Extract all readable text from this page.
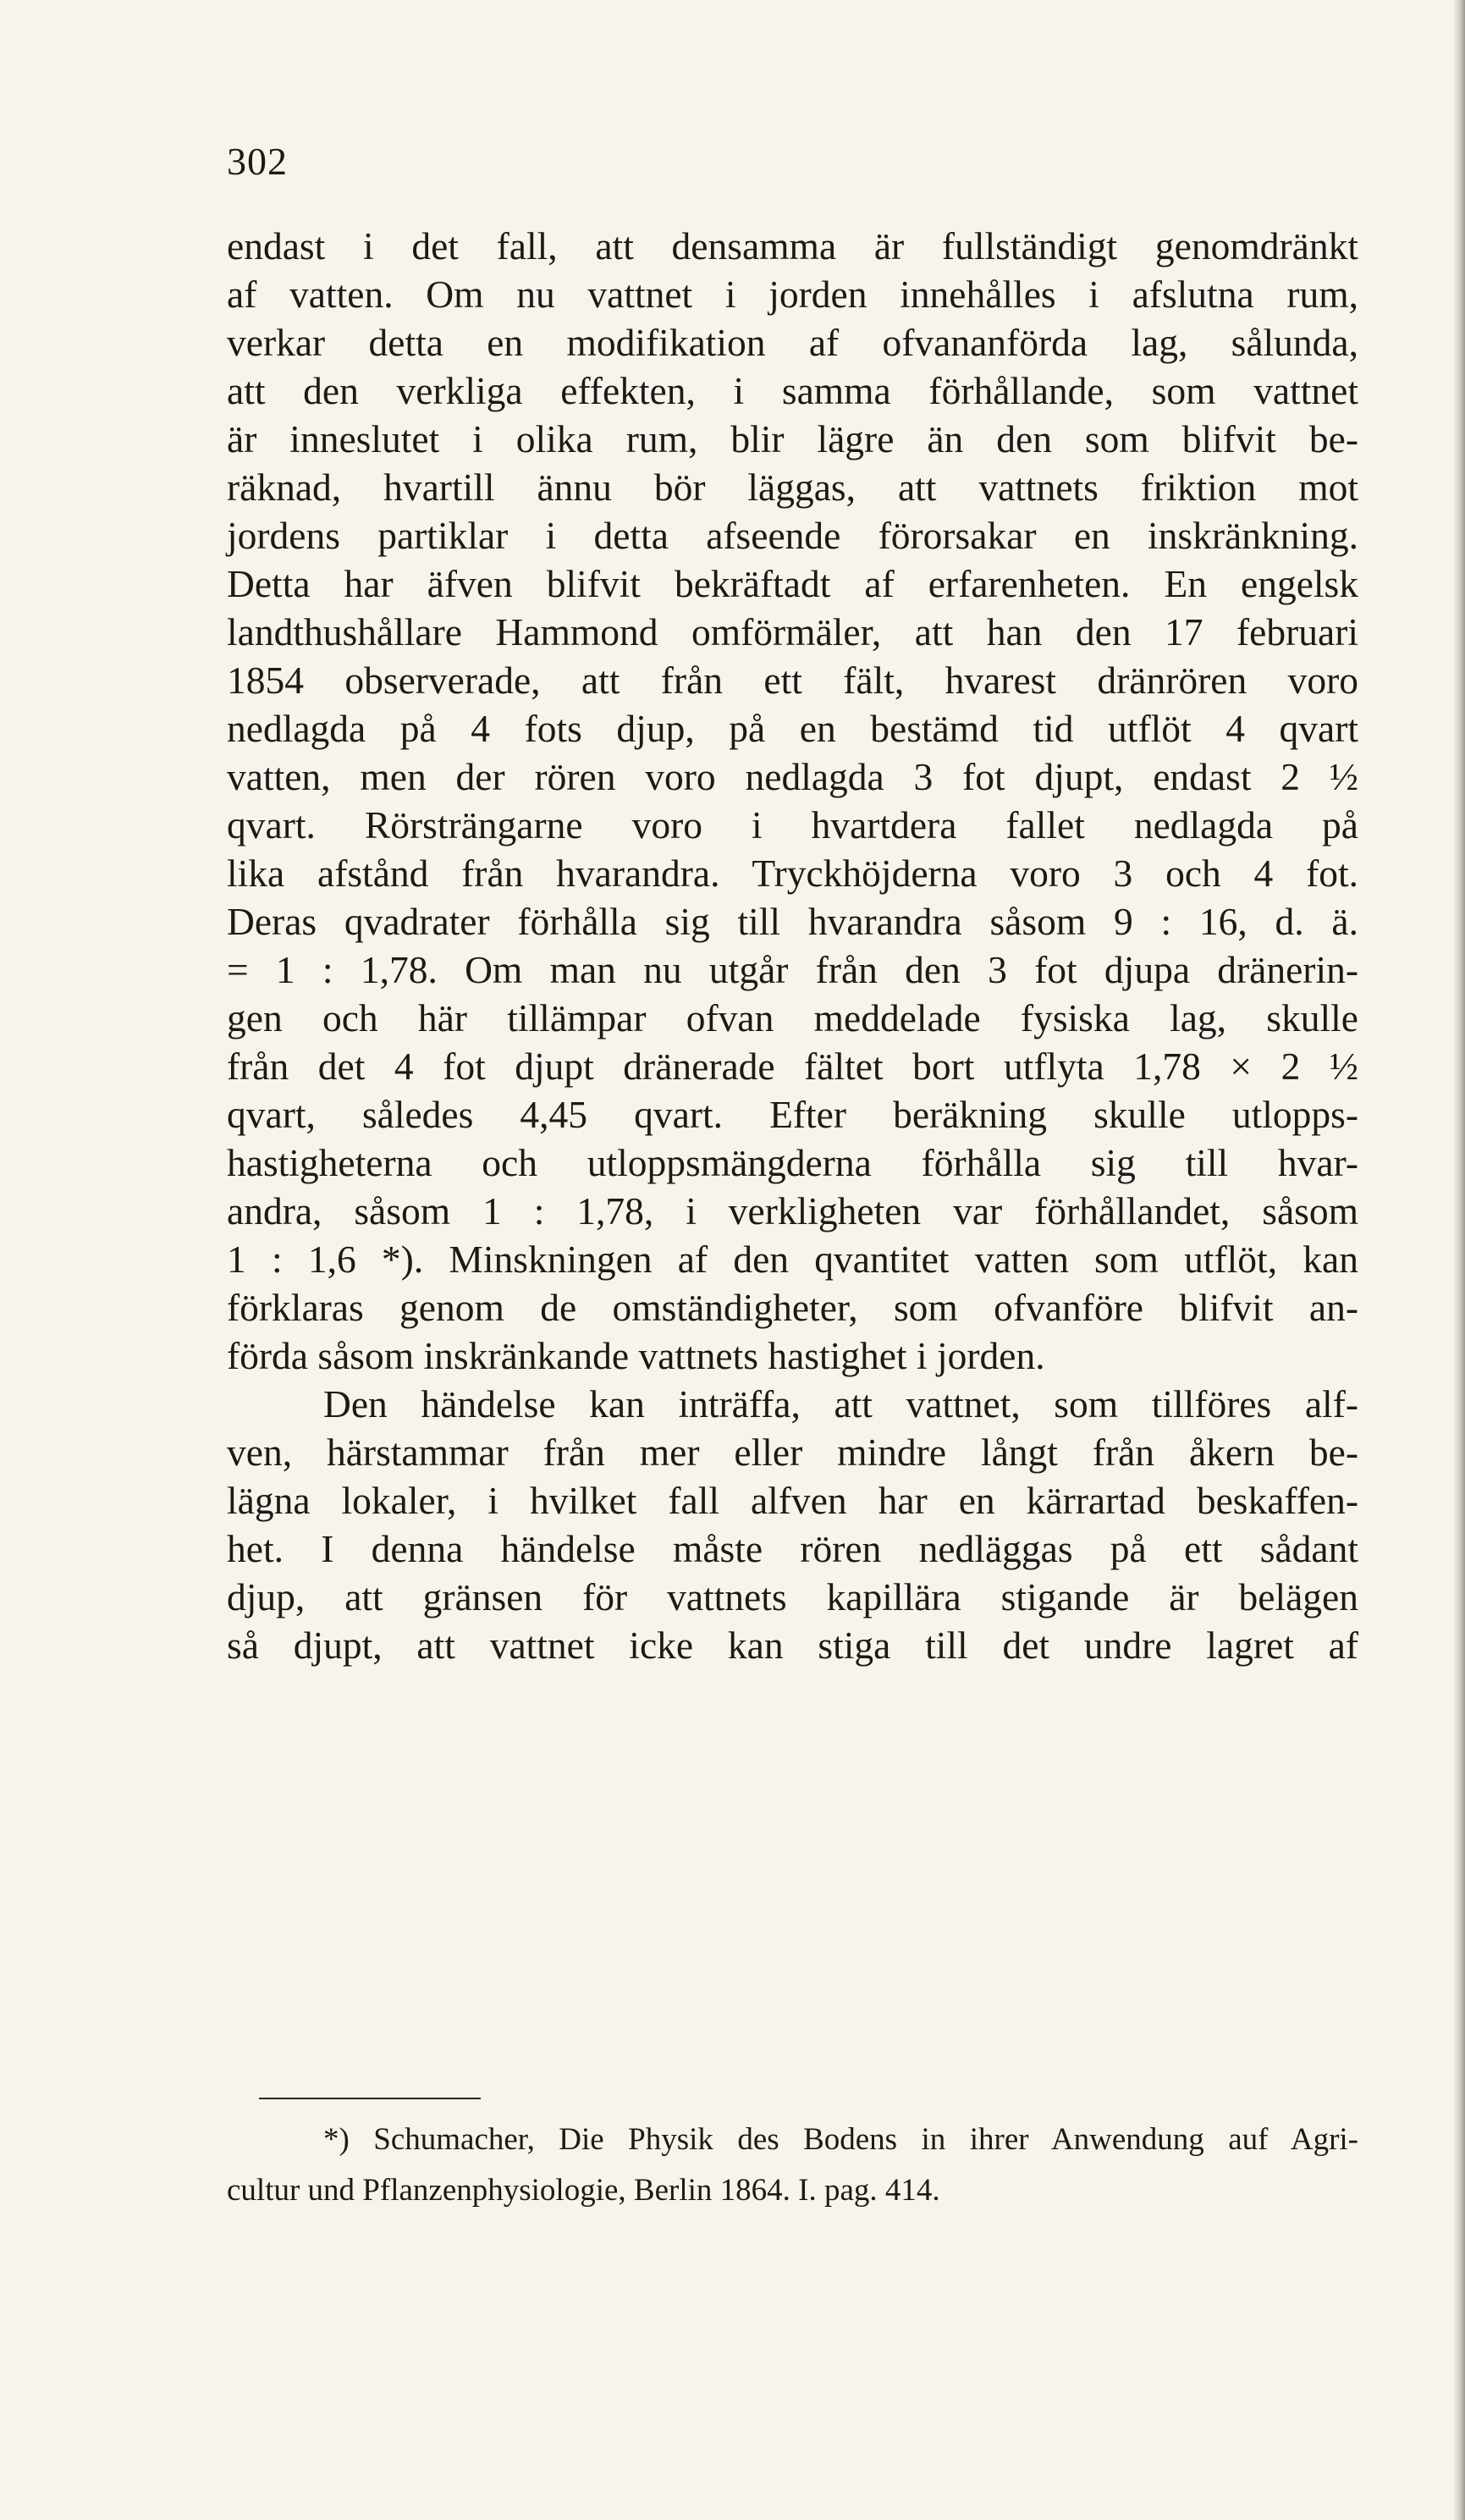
302
endast i det fall, att densamma är fullständigt genomdränkt
af vatten. Om nu vattnet i jorden innehålles i afslutna rum,
verkar detta en modifikation af ofvananförda lag, sålunda,
att den verkliga effekten, i samma förhållande, som vattnet
är inneslutet i olika rum, blir lägre än den som blifvit be-
räknad, hvartill ännu bör läggas, att vattnets friktion mot
jordens partiklar i detta afseende förorsakar en inskränkning.
Detta har äfven blifvit bekräftadt af erfarenheten. En engelsk
landthushållare Hammond omförmäler, att han den 17 februari
1854 observerade, att från ett fält, hvarest dränrören voro
nedlagda på 4 fots djup, på en bestämd tid utflöt 4 qvart
vatten, men der rören voro nedlagda 3 fot djupt, endast 2 ½
qvart. Rörsträngarne voro i hvartdera fallet nedlagda på
lika afstånd från hvarandra. Tryckhöjderna voro 3 och 4 fot.
Deras qvadrater förhålla sig till hvarandra såsom 9 : 16, d. ä.
= 1 : 1,78. Om man nu utgår från den 3 fot djupa dränerin-
gen och här tillämpar ofvan meddelade fysiska lag, skulle
från det 4 fot djupt dränerade fältet bort utflyta 1,78 × 2 ½
qvart, således 4,45 qvart. Efter beräkning skulle utlopps-
hastigheterna och utloppsmängderna förhålla sig till hvar-
andra, såsom 1 : 1,78, i verkligheten var förhållandet, såsom
1 : 1,6 *). Minskningen af den qvantitet vatten som utflöt, kan
förklaras genom de omständigheter, som ofvanföre blifvit an-
förda såsom inskränkande vattnets hastighet i jorden.
Den händelse kan inträffa, att vattnet, som tillföres alf-
ven, härstammar från mer eller mindre långt från åkern be-
lägna lokaler, i hvilket fall alfven har en kärrartad beskaffen-
het. I denna händelse måste rören nedläggas på ett sådant
djup, att gränsen för vattnets kapillära stigande är belägen
så djupt, att vattnet icke kan stiga till det undre lagret af
*) Schumacher, Die Physik des Bodens in ihrer Anwendung auf Agri-
cultur und Pflanzenphysiologie, Berlin 1864. I. pag. 414.
